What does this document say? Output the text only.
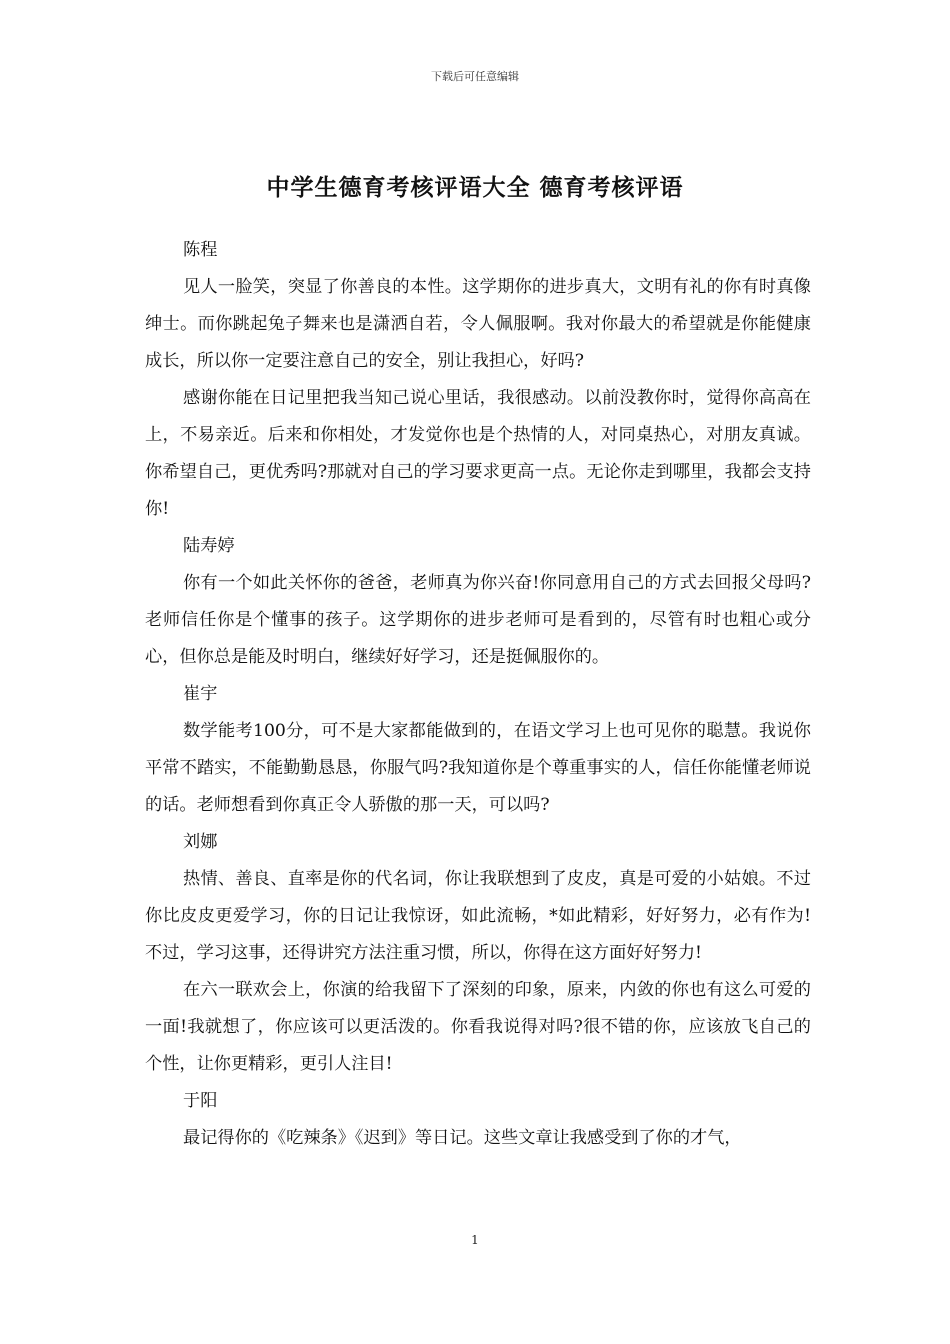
下载后可任意编辑
中学生德育考核评语大全 德育考核评语

陈程

见人一脸笑，突显了你善良的本性。这学期你的进步真大，文明有礼的你有时真像绅士。而你跳起兔子舞来也是潇洒自若，令人佩服啊。我对你最大的希望就是你能健康成长，所以你一定要注意自己的安全，别让我担心，好吗?

感谢你能在日记里把我当知己说心里话，我很感动。以前没教你时，觉得你高高在上，不易亲近。后来和你相处，才发觉你也是个热情的人，对同桌热心，对朋友真诚。你希望自己，更优秀吗?那就对自己的学习要求更高一点。无论你走到哪里，我都会支持你!

陆寿婷

你有一个如此关怀你的爸爸，老师真为你兴奋!你同意用自己的方式去回报父母吗?老师信任你是个懂事的孩子。这学期你的进步老师可是看到的，尽管有时也粗心或分心，但你总是能及时明白，继续好好学习，还是挺佩服你的。

崔宇

数学能考100分，可不是大家都能做到的，在语文学习上也可见你的聪慧。我说你平常不踏实，不能勤勤恳恳，你服气吗?我知道你是个尊重事实的人，信任你能懂老师说的话。老师想看到你真正令人骄傲的那一天，可以吗?

刘娜

热情、善良、直率是你的代名词，你让我联想到了皮皮，真是可爱的小姑娘。不过你比皮皮更爱学习，你的日记让我惊讶，如此流畅，*如此精彩，好好努力，必有作为!不过，学习这事，还得讲究方法注重习惯，所以，你得在这方面好好努力!

在六一联欢会上，你演的给我留下了深刻的印象，原来，内敛的你也有这么可爱的一面!我就想了，你应该可以更活泼的。你看我说得对吗?很不错的你，应该放飞自己的个性，让你更精彩，更引人注目!

于阳

最记得你的《吃辣条》《迟到》等日记。这些文章让我感受到了你的才气，

1
